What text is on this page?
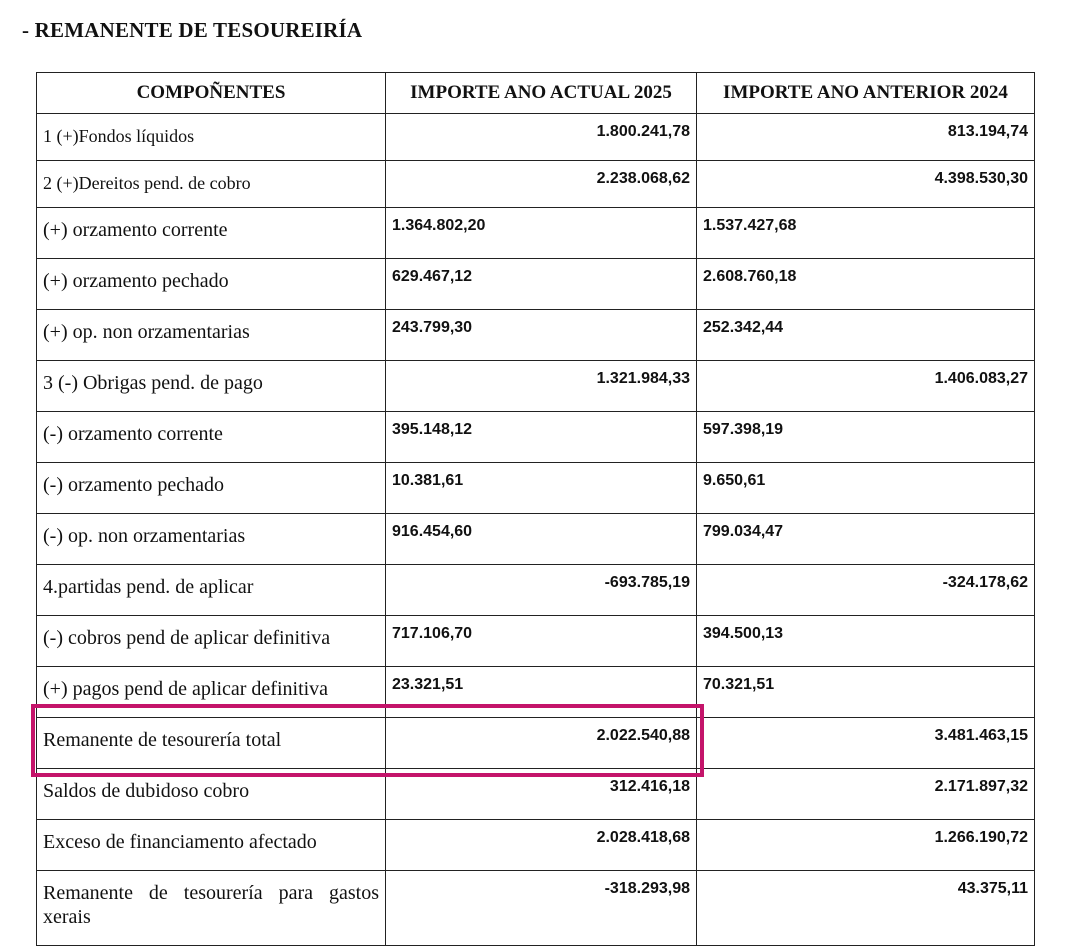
- REMANENTE DE TESOUREIRÍA
COMPOÑENTES	IMPORTE ANO ACTUAL 2025	IMPORTE ANO ANTERIOR 2024
1 (+)Fondos líquidos	1.800.241,78	813.194,74
2 (+)Dereitos pend. de cobro	2.238.068,62	4.398.530,30
(+) orzamento corrente	1.364.802,20	1.537.427,68
(+) orzamento pechado	629.467,12	2.608.760,18
(+) op. non orzamentarias	243.799,30	252.342,44
3 (-) Obrigas pend. de pago	1.321.984,33	1.406.083,27
(-) orzamento corrente	395.148,12	597.398,19
(-) orzamento pechado	10.381,61	9.650,61
(-) op. non orzamentarias	916.454,60	799.034,47
4.partidas pend. de aplicar	-693.785,19	-324.178,62
(-) cobros pend de aplicar definitiva	717.106,70	394.500,13
(+) pagos pend de aplicar definitiva	23.321,51	70.321,51
Remanente de tesourería total	2.022.540,88	3.481.463,15
Saldos de dubidoso cobro	312.416,18	2.171.897,32
Exceso de financiamento afectado	2.028.418,68	1.266.190,72
Remanente de tesourería para gastos xerais	-318.293,98	43.375,11
